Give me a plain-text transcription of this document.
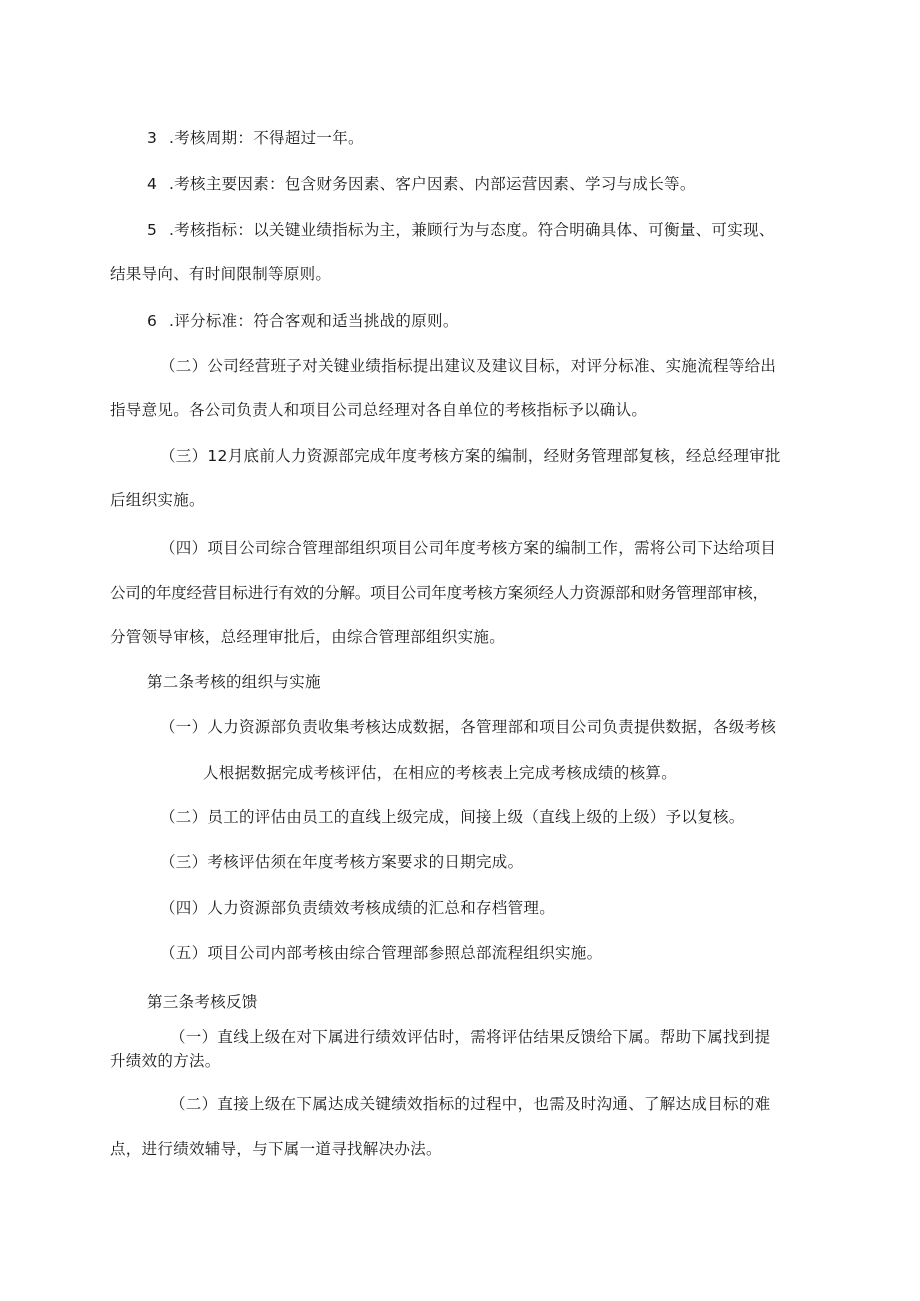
3 .考核周期：不得超过一年。
4 .考核主要因素：包含财务因素、客户因素、内部运营因素、学习与成长等。
5 .考核指标：以关键业绩指标为主，兼顾行为与态度。符合明确具体、可衡量、可实现、
结果导向、有时间限制等原则。
6 .评分标准：符合客观和适当挑战的原则。
（二）公司经营班子对关键业绩指标提出建议及建议目标，对评分标准、实施流程等给出
指导意见。各公司负责人和项目公司总经理对各自单位的考核指标予以确认。
（三）12月底前人力资源部完成年度考核方案的编制，经财务管理部复核，经总经理审批
后组织实施。
（四）项目公司综合管理部组织项目公司年度考核方案的编制工作，需将公司下达给项目
公司的年度经营目标进行有效的分解。项目公司年度考核方案须经人力资源部和财务管理部审核，
分管领导审核，总经理审批后，由综合管理部组织实施。
第二条考核的组织与实施
（一）人力资源部负责收集考核达成数据，各管理部和项目公司负责提供数据，各级考核
人根据数据完成考核评估，在相应的考核表上完成考核成绩的核算。
（二）员工的评估由员工的直线上级完成，间接上级（直线上级的上级）予以复核。
（三）考核评估须在年度考核方案要求的日期完成。
（四）人力资源部负责绩效考核成绩的汇总和存档管理。
（五）项目公司内部考核由综合管理部参照总部流程组织实施。
第三条考核反馈
（一）直线上级在对下属进行绩效评估时，需将评估结果反馈给下属。帮助下属找到提
升绩效的方法。
（二）直接上级在下属达成关键绩效指标的过程中，也需及时沟通、了解达成目标的难
点，进行绩效辅导，与下属一道寻找解决办法。
